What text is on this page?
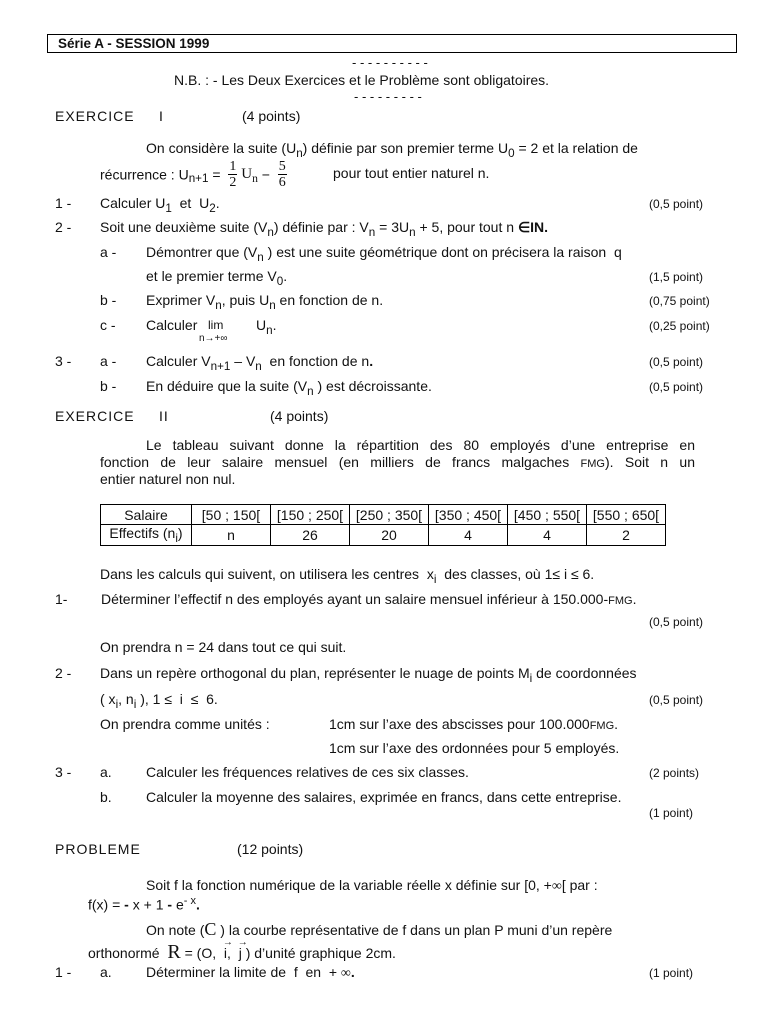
Série A - SESSION 1999
- - - - - - - - - -
N.B. : - Les Deux Exercices et le Problème sont obligatoires.
- - - - - - - - -
EXERCICE     I	(4 points)
On considère la suite $(U_n)$ définie par son premier terme $U_0 = 2$ et la relation de
récurrence : $U_{n+1} = \frac{1}{2} U_n - \frac{5}{6}$	pour tout entier naturel n.
1 - Calculer $U_1$  et  $U_2$.	(0,5 point)
2 - Soit une deuxième suite $(V_n)$ définie par : $V_n = 3U_n + 5$, pour tout n ∈IN.
a - Démontrer que ($V_n$ ) est une suite géométrique dont on précisera la raison  q
et le premier terme $V_0$.	(1,5 point)
b - Exprimer $V_n$, puis $U_n$ en fonction de n.	(0,75 point)
c - Calculer lim
n→+∞
$U_n$.	(0,25 point)
3 - a - Calculer $V_{n+1} - V_n$  en fonction de n.	(0,5 point)
b - En déduire que la suite ($V_n$ ) est décroissante.	(0,5 point)
EXERCICE     II	(4 points)
Le tableau suivant donne la répartition des 80 employés d’une entreprise en
fonction de leur salaire mensuel (en milliers de francs malgaches FMG). Soit n un
entier naturel non nul.
Salaire	[50 ; 150[	[150 ; 250[	[250 ; 350[	[350 ; 450[	[450 ; 550[	[550 ; 650[
Effectifs $(n_i)$	n	26	20	4	4	2
Dans les calculs qui suivent, on utilisera les centres  $x_i$  des classes, où 1≤ i ≤ 6.
1- Déterminer l’effectif n des employés ayant un salaire mensuel inférieur à 150.000-FMG.
(0,5 point)
On prendra n = 24 dans tout ce qui suit.
2 - Dans un repère orthogonal du plan, représenter le nuage de points $M_i$ de coordonnées
( $x_i$, $n_i$ ), 1 ≤  i  ≤  6.	(0,5 point)
On prendra comme unités :	1cm sur l’axe des abscisses pour 100.000FMG.
1cm sur l’axe des ordonnées pour 5 employés.
3 - a. Calculer les fréquences relatives de ces six classes.	(2 points)
b. Calculer la moyenne des salaires, exprimée en francs, dans cette entreprise.
(1 point)
PROBLEME	(12 points)
Soit f la fonction numérique de la variable réelle x définie sur [0, +∞[ par :
f(x) = - $x + 1 - e^{- x}$.
On note (C ) la courbe représentative de f dans un plan P muni d’un repère
orthonormé  R = (O,  i
→
,  j
→
) d’unité graphique 2cm.
1 - a. Déterminer la limite de  f  en  + ∞.	(1 point)
